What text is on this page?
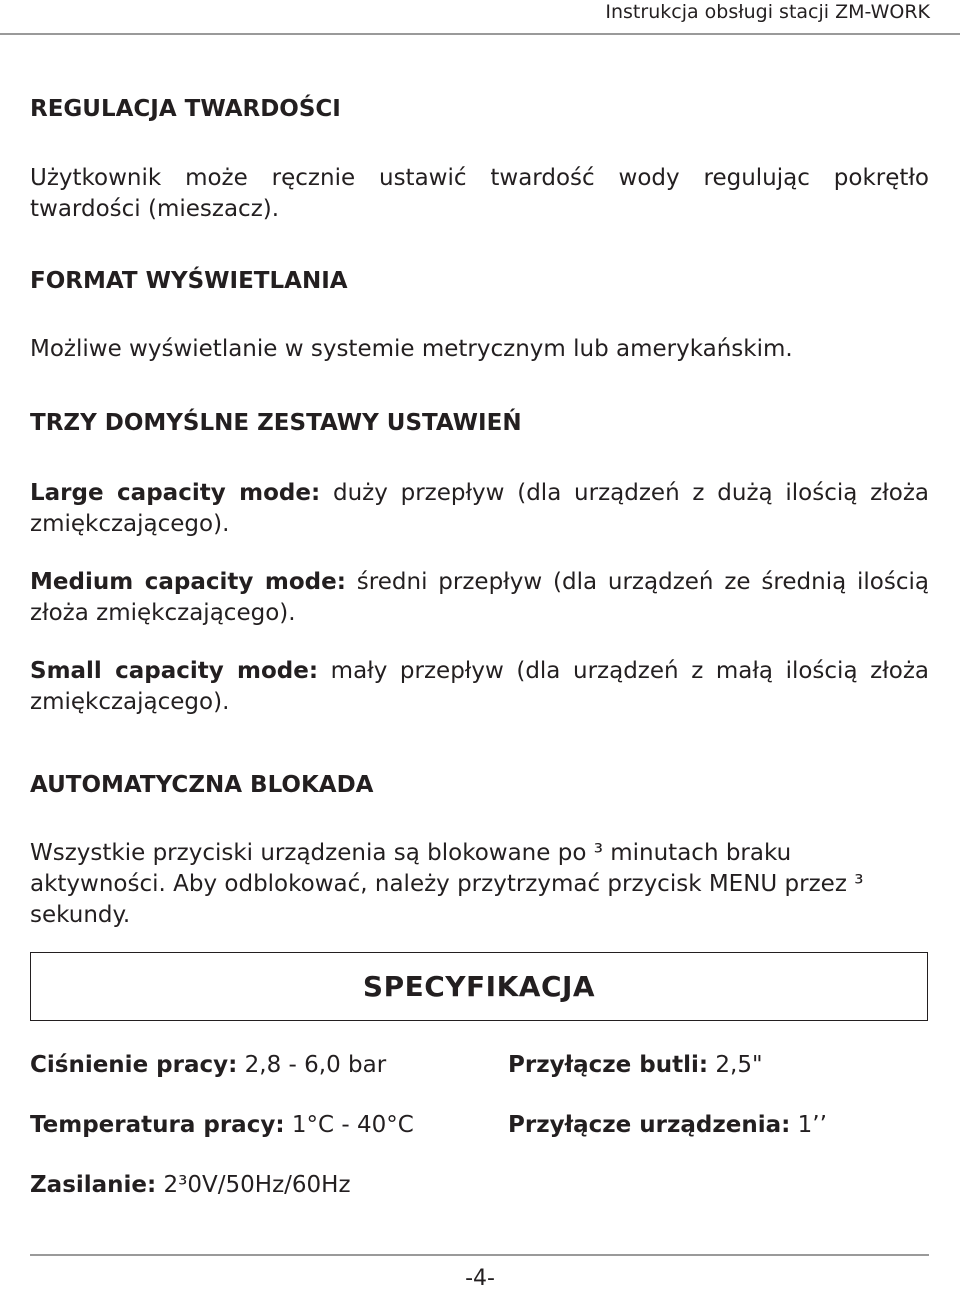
Instrukcja obsługi stacji ZM-WORK
REGULACJA TWARDOŚCI
Użytkownik może ręcznie ustawić twardość wody regulując pokrętło twardości (mieszacz).
FORMAT WYŚWIETLANIA
Możliwe wyświetlanie w systemie metrycznym lub amerykańskim.
TRZY DOMYŚLNE ZESTAWY USTAWIEŃ
Large capacity mode: duży przepływ (dla urządzeń z dużą ilością złoża zmiękczającego).
Medium capacity mode: średni przepływ (dla urządzeń ze średnią ilością złoża zmiękczającego).
Small capacity mode: mały przepływ (dla urządzeń z małą ilością złoża zmiękczającego).
AUTOMATYCZNA BLOKADA
Wszystkie przyciski urządzenia są blokowane po ³ minutach braku aktywności. Aby odblokować, należy przytrzymać przycisk MENU przez ³ sekundy.
SPECYFIKACJA
Ciśnienie pracy: 2,8 - 6,0 bar	Przyłącze butli: 2,5"
Temperatura pracy: 1°C - 40°C	Przyłącze urządzenia: 1’’
Zasilanie: 2³0V/50Hz/60Hz
-4-
